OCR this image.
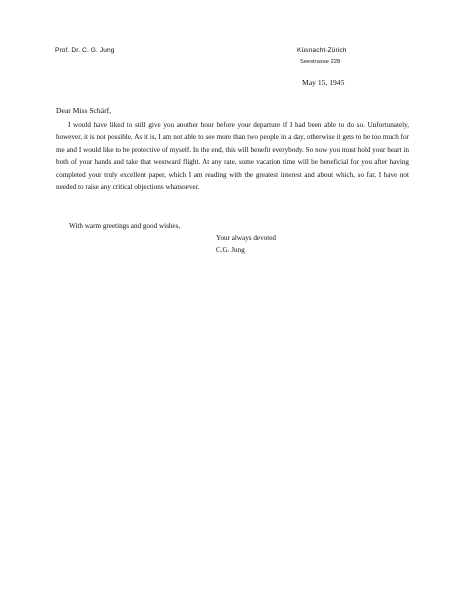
Prof. Dr. C. G. Jung	Küsnacht-Zürich
Seestrasse 228
May 15, 1945
Dear Miss Schärf,

I would have liked to still give you another hour before your departure if I had been able to do so. Unfortunately, however, it is not possible. As it is, I am not able to see more than two people in a day, otherwise it gets to be too much for me and I would like to be protective of myself. In the end, this will benefit everybody. So now you must hold your heart in both of your hands and take that westward flight. At any rate, some vacation time will be beneficial for you after having completed your truly excellent paper, which I am reading with the greatest interest and about which, so far, I have not needed to raise any critical objections whatsoever.

With warm greetings and good wishes,
Your always devoted
C.G. Jung
